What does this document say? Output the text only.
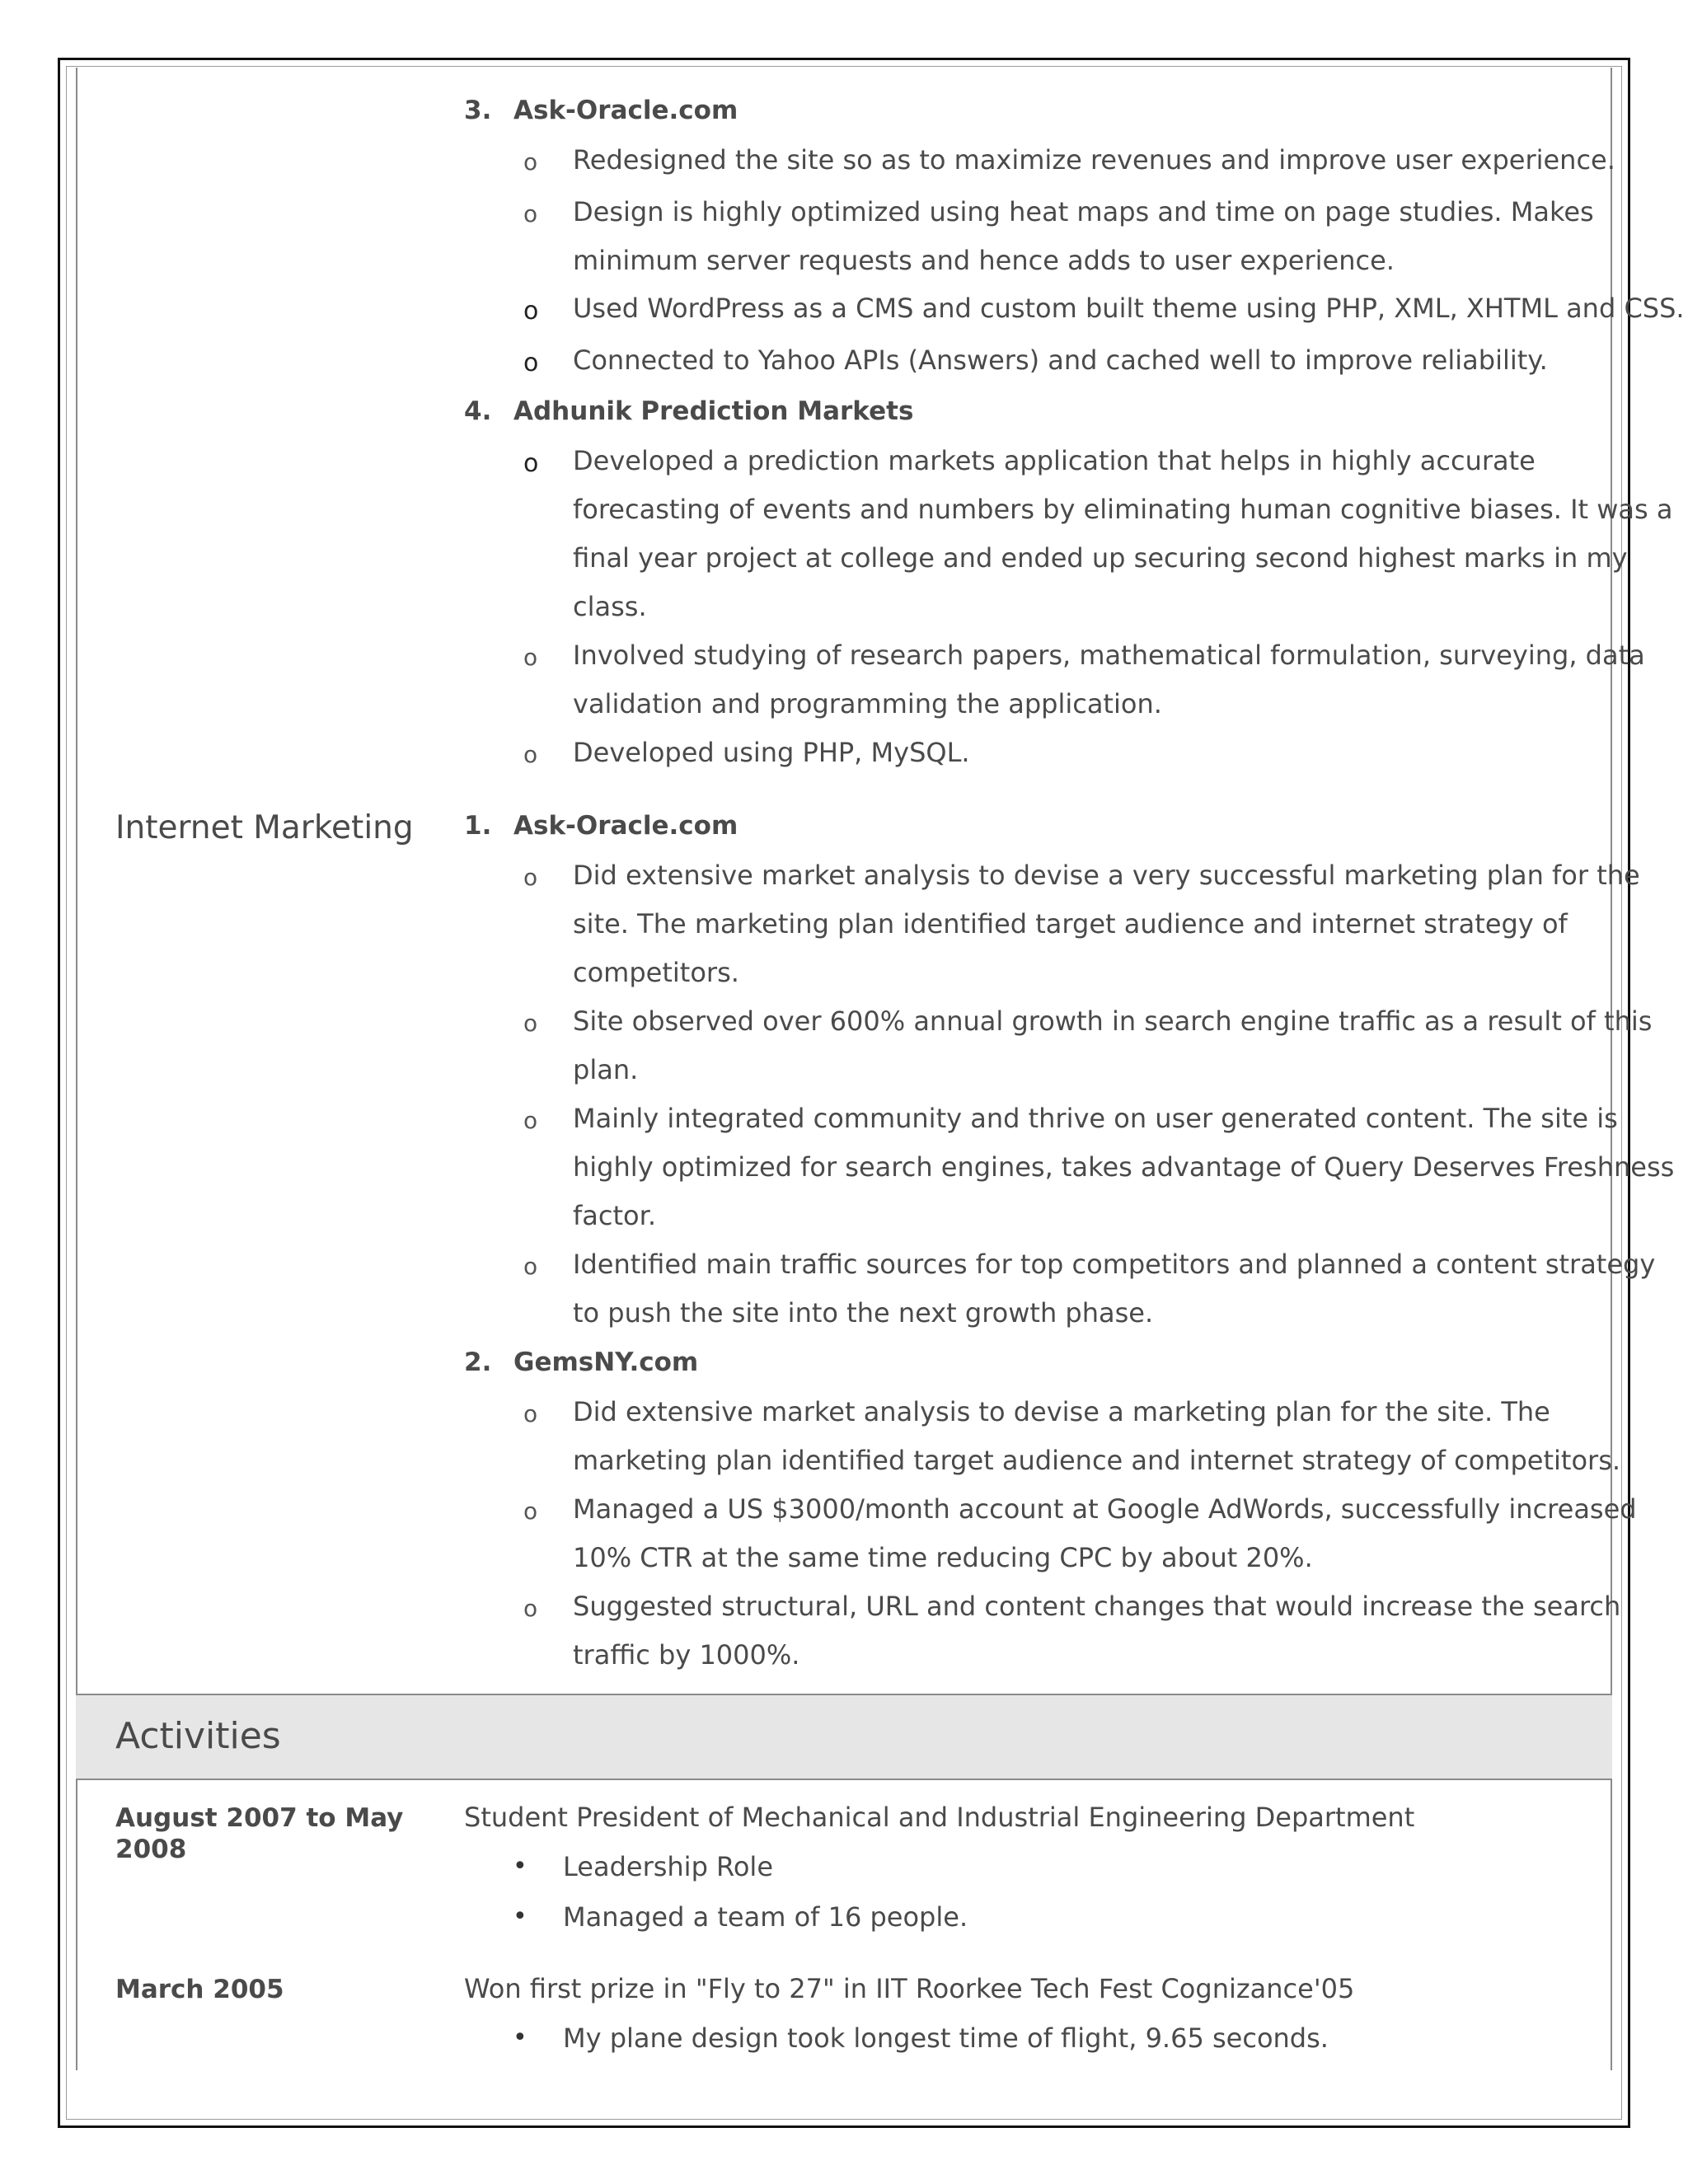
3. Ask-Oracle.com
o Redesigned the site so as to maximize revenues and improve user experience.
o Design is highly optimized using heat maps and time on page studies. Makes
minimum server requests and hence adds to user experience.
o Used WordPress as a CMS and custom built theme using PHP, XML, XHTML and CSS.
o Connected to Yahoo APIs (Answers) and cached well to improve reliability.
4. Adhunik Prediction Markets
o Developed a prediction markets application that helps in highly accurate
forecasting of events and numbers by eliminating human cognitive biases. It was a
final year project at college and ended up securing second highest marks in my
class.
o Involved studying of research papers, mathematical formulation, surveying, data
validation and programming the application.
o Developed using PHP, MySQL.
Internet Marketing 1. Ask-Oracle.com
o Did extensive market analysis to devise a very successful marketing plan for the
site. The marketing plan identified target audience and internet strategy of
competitors.
o Site observed over 600% annual growth in search engine traffic as a result of this
plan.
o Mainly integrated community and thrive on user generated content. The site is
highly optimized for search engines, takes advantage of Query Deserves Freshness
factor.
o Identified main traffic sources for top competitors and planned a content strategy
to push the site into the next growth phase.
2. GemsNY.com
o Did extensive market analysis to devise a marketing plan for the site. The
marketing plan identified target audience and internet strategy of competitors.
o Managed a US $3000/month account at Google AdWords, successfully increased
10% CTR at the same time reducing CPC by about 20%.
o Suggested structural, URL and content changes that would increase the search
traffic by 1000%.
Activities
August 2007 to May
2008
Student President of Mechanical and Industrial Engineering Department
• Leadership Role
• Managed a team of 16 people.
March 2005	Won first prize in "Fly to 27" in IIT Roorkee Tech Fest Cognizance'05
• My plane design took longest time of flight, 9.65 seconds.
